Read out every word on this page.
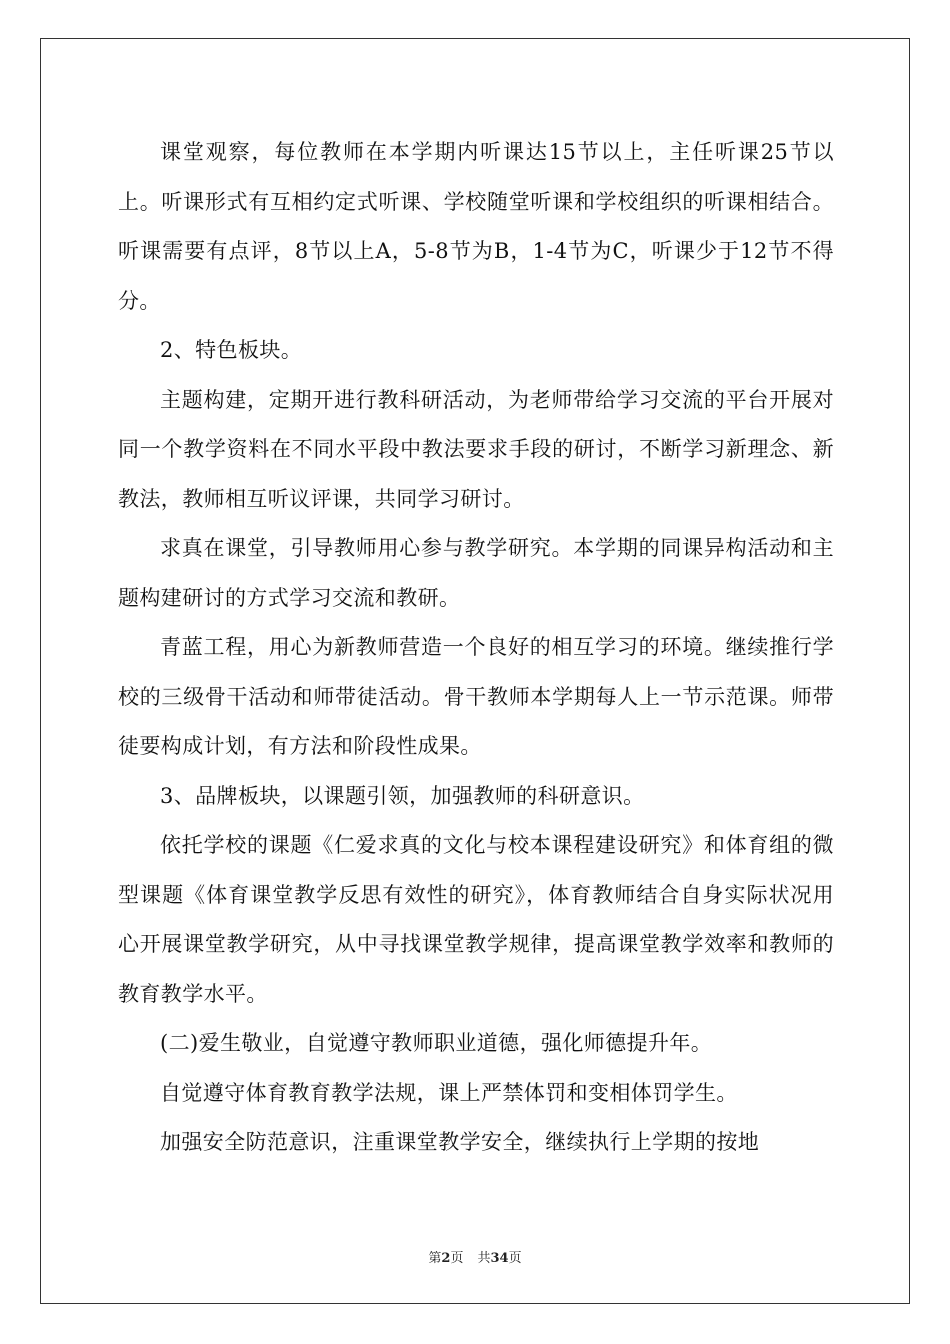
课堂观察，每位教师在本学期内听课达15节以上，主任听课25节以上。听课形式有互相约定式听课、学校随堂听课和学校组织的听课相结合。听课需要有点评，8节以上A，5-8节为B，1-4节为C，听课少于12节不得分。

2、特色板块。

主题构建，定期开进行教科研活动，为老师带给学习交流的平台开展对同一个教学资料在不同水平段中教法要求手段的研讨，不断学习新理念、新教法，教师相互听议评课，共同学习研讨。

求真在课堂，引导教师用心参与教学研究。本学期的同课异构活动和主题构建研讨的方式学习交流和教研。

青蓝工程，用心为新教师营造一个良好的相互学习的环境。继续推行学校的三级骨干活动和师带徒活动。骨干教师本学期每人上一节示范课。师带徒要构成计划，有方法和阶段性成果。

3、品牌板块，以课题引领，加强教师的科研意识。

依托学校的课题《仁爱求真的文化与校本课程建设研究》和体育组的微型课题《体育课堂教学反思有效性的研究》，体育教师结合自身实际状况用心开展课堂教学研究，从中寻找课堂教学规律，提高课堂教学效率和教师的教育教学水平。

(二)爱生敬业，自觉遵守教师职业道德，强化师德提升年。

自觉遵守体育教育教学法规，课上严禁体罚和变相体罚学生。

加强安全防范意识，注重课堂教学安全，继续执行上学期的按地

第2页 共34页
